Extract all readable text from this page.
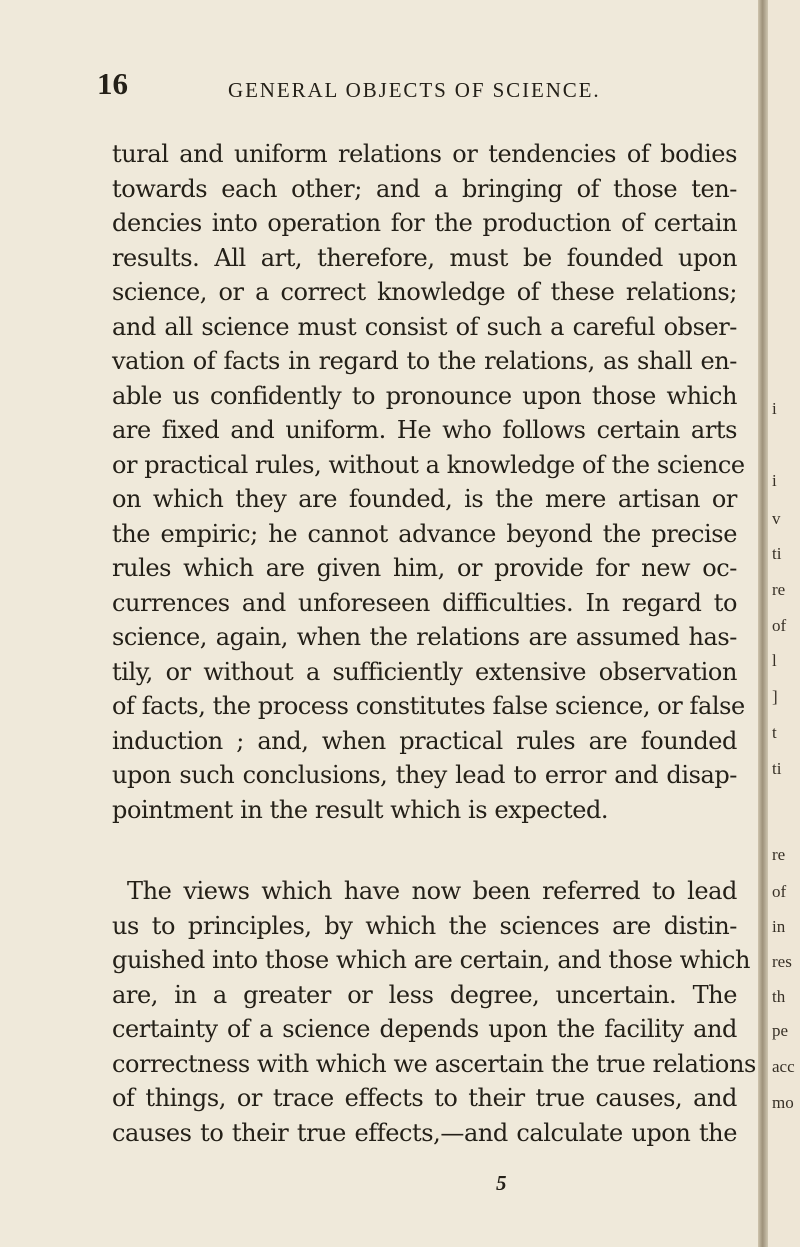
16	GENERAL OBJECTS OF SCIENCE.
tural and uniform relations or tendencies of bodies
towards each other; and a bringing of those ten-
dencies into operation for the production of certain
results. All art, therefore, must be founded upon
science, or a correct knowledge of these relations;
and all science must consist of such a careful obser-
vation of facts in regard to the relations, as shall en-
able us confidently to pronounce upon those which
are fixed and uniform. He who follows certain arts
or practical rules, without a knowledge of the science
on which they are founded, is the mere artisan or
the empiric; he cannot advance beyond the precise
rules which are given him, or provide for new oc-
currences and unforeseen difficulties. In regard to
science, again, when the relations are assumed has-
tily, or without a sufficiently extensive observation
of facts, the process constitutes false science, or false
induction ; and, when practical rules are founded
upon such conclusions, they lead to error and disap-
pointment in the result which is expected.
The views which have now been referred to lead
us to principles, by which the sciences are distin-
guished into those which are certain, and those which
are, in a greater or less degree, uncertain. The
certainty of a science depends upon the facility and
correctness with which we ascertain the true relations
of things, or trace effects to their true causes, and
causes to their true effects,—and calculate upon the
5
i
i
v
ti
re
of
l
]
t
ti
re
of
in
res
th
pe
acc
mo
